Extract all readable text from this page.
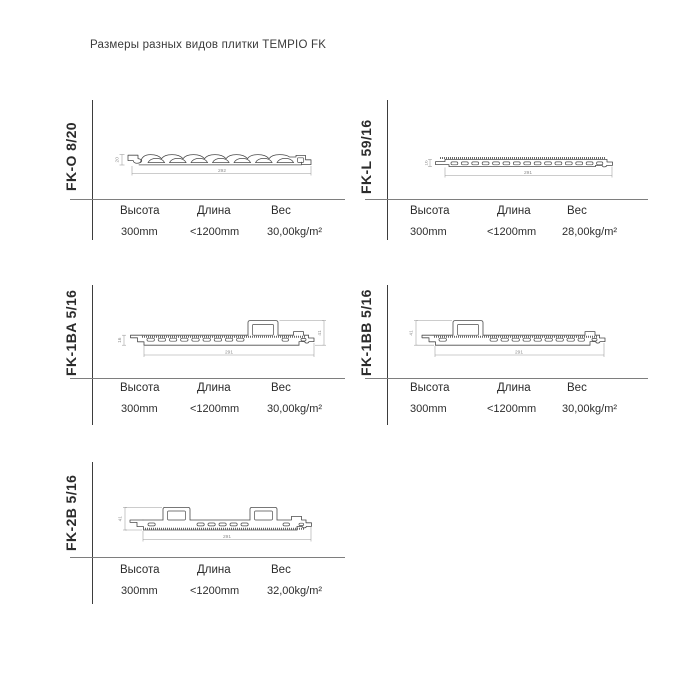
Размеры разных видов плитки TEMPIO FK
FK-O 8/20	20
292
Высота	Длина	Вес
300mm	<1200mm	30,00kg/m²
FK-L 59/16	16
291
Высота	Длина	Вес
300mm	<1200mm 28,00kg/m²
FK-1BA 5/16	41
16
291
Высота	Длина	Вес
300mm	<1200mm	30,00kg/m²
FK-1BB 5/16	41
291
Высота	Длина	Вес
300mm	<1200mm 30,00kg/m²
FK-2B 5/16	41
291
Высота	Длина	Вес
300mm	<1200mm	32,00kg/m²
